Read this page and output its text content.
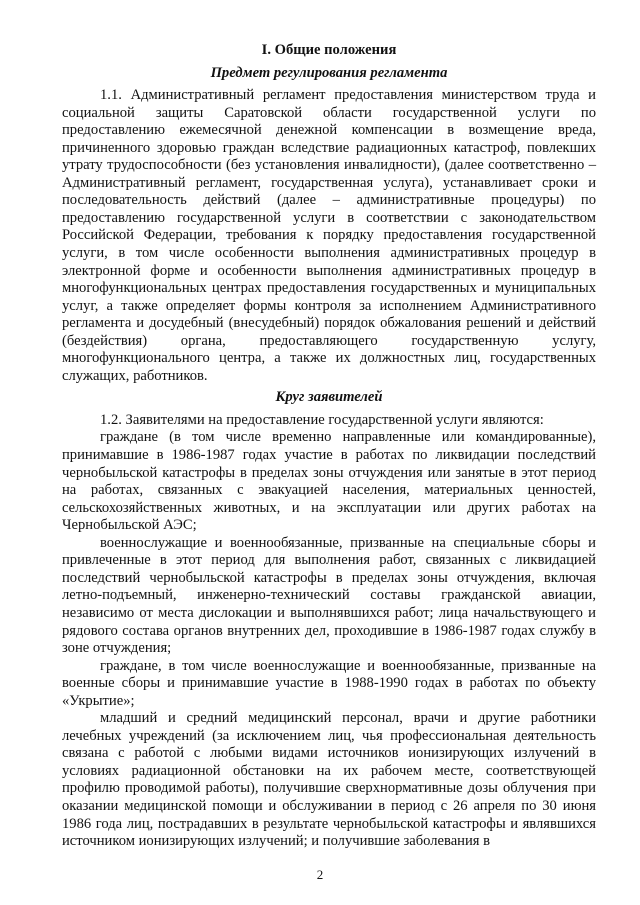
I. Общие положения
Предмет регулирования регламента

1.1. Административный регламент предоставления министерством труда и социальной защиты Саратовской области государственной услуги по предоставлению ежемесячной денежной компенсации в возмещение вреда, причиненного здоровью граждан вследствие радиационных катастроф, повлекших утрату трудоспособности (без установления инвалидности), (далее соответственно – Административный регламент, государственная услуга), устанавливает сроки и последовательность действий (далее – административные процедуры) по предоставлению государственной услуги в соответствии с законодательством Российской Федерации, требования к порядку предоставления государственной услуги, в том числе особенности выполнения административных процедур в электронной форме и особенности выполнения административных процедур в многофункциональных центрах предоставления государственных и муниципальных услуг, а также определяет формы контроля за исполнением Административного регламента и досудебный (внесудебный) порядок обжалования решений и действий (бездействия) органа, предоставляющего государственную услугу, многофункционального центра, а также их должностных лиц, государственных служащих, работников.

Круг заявителей

1.2. Заявителями на предоставление государственной услуги являются:

граждане (в том числе временно направленные или командированные), принимавшие в 1986-1987 годах участие в работах по ликвидации последствий чернобыльской катастрофы в пределах зоны отчуждения или занятые в этот период на работах, связанных с эвакуацией населения, материальных ценностей, сельскохозяйственных животных, и на эксплуатации или других работах на Чернобыльской АЭС;

военнослужащие и военнообязанные, призванные на специальные сборы и привлеченные в этот период для выполнения работ, связанных с ликвидацией последствий чернобыльской катастрофы в пределах зоны отчуждения, включая летно-подъемный, инженерно-технический составы гражданской авиации, независимо от места дислокации и выполнявшихся работ; лица начальствующего и рядового состава органов внутренних дел, проходившие в 1986-1987 годах службу в зоне отчуждения;

граждане, в том числе военнослужащие и военнообязанные, призванные на военные сборы и принимавшие участие в 1988-1990 годах в работах по объекту «Укрытие»;

младший и средний медицинский персонал, врачи и другие работники лечебных учреждений (за исключением лиц, чья профессиональная деятельность связана с работой с любыми видами источников ионизирующих излучений в условиях радиационной обстановки на их рабочем месте, соответствующей профилю проводимой работы), получившие сверхнормативные дозы облучения при оказании медицинской помощи и обслуживании в период с 26 апреля по 30 июня 1986 года лиц, пострадавших в результате чернобыльской катастрофы и являвшихся источником ионизирующих излучений; и получившие заболевания в

2
